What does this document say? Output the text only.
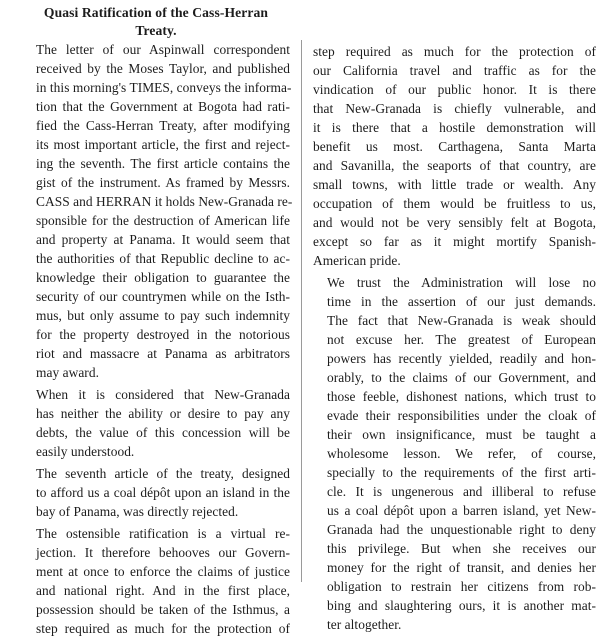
Quasi Ratification of the Cass-Herran Treaty.
The letter of our Aspinwall correspondent
received by the Moses Taylor, and published
in this morning's TIMES, conveys the informa-
tion that the Government at Bogota had rati-
fied the Cass-Herran Treaty, after modifying
its most important article, the first and reject-
ing the seventh. The first article contains the
gist of the instrument. As framed by Messrs.
CASS and HERRAN it holds New-Granada re-
sponsible for the destruction of American life
and property at Panama. It would seem that
the authorities of that Republic decline to ac-
knowledge their obligation to guarantee the
security of our countrymen while on the Isth-
mus, but only assume to pay such indemnity
for the property destroyed in the notorious
riot and massacre at Panama as arbitrators
may award.
When it is considered that New-Granada
has neither the ability or desire to pay any
debts, the value of this concession will be
easily understood.
The seventh article of the treaty, designed
to afford us a coal dépôt upon an island in the
bay of Panama, was directly rejected.
The ostensible ratification is a virtual re-
jection. It therefore behooves our Govern-
ment at once to enforce the claims of justice
and national right. And in the first place,
possession should be taken of the Isthmus, a
step required as much for the protection of
step required as much for the protection of
our California travel and traffic as for the
vindication of our public honor. It is there
that New-Granada is chiefly vulnerable, and
it is there that a hostile demonstration will
benefit us most. Carthagena, Santa Marta
and Savanilla, the seaports of that country, are
small towns, with little trade or wealth. Any
occupation of them would be fruitless to us,
and would not be very sensibly felt at Bogota,
except so far as it might mortify Spanish-
American pride.
We trust the Administration will lose no
time in the assertion of our just demands.
The fact that New-Granada is weak should
not excuse her. The greatest of European
powers has recently yielded, readily and hon-
orably, to the claims of our Government, and
those feeble, dishonest nations, which trust to
evade their responsibilities under the cloak of
their own insignificance, must be taught a
wholesome lesson. We refer, of course,
specially to the requirements of the first arti-
cle. It is ungenerous and illiberal to refuse
us a coal dépôt upon a barren island, yet New-
Granada had the unquestionable right to deny
this privilege. But when she receives our
money for the right of transit, and denies her
obligation to restrain her citizens from rob-
bing and slaughtering ours, it is another mat-
ter altogether.
